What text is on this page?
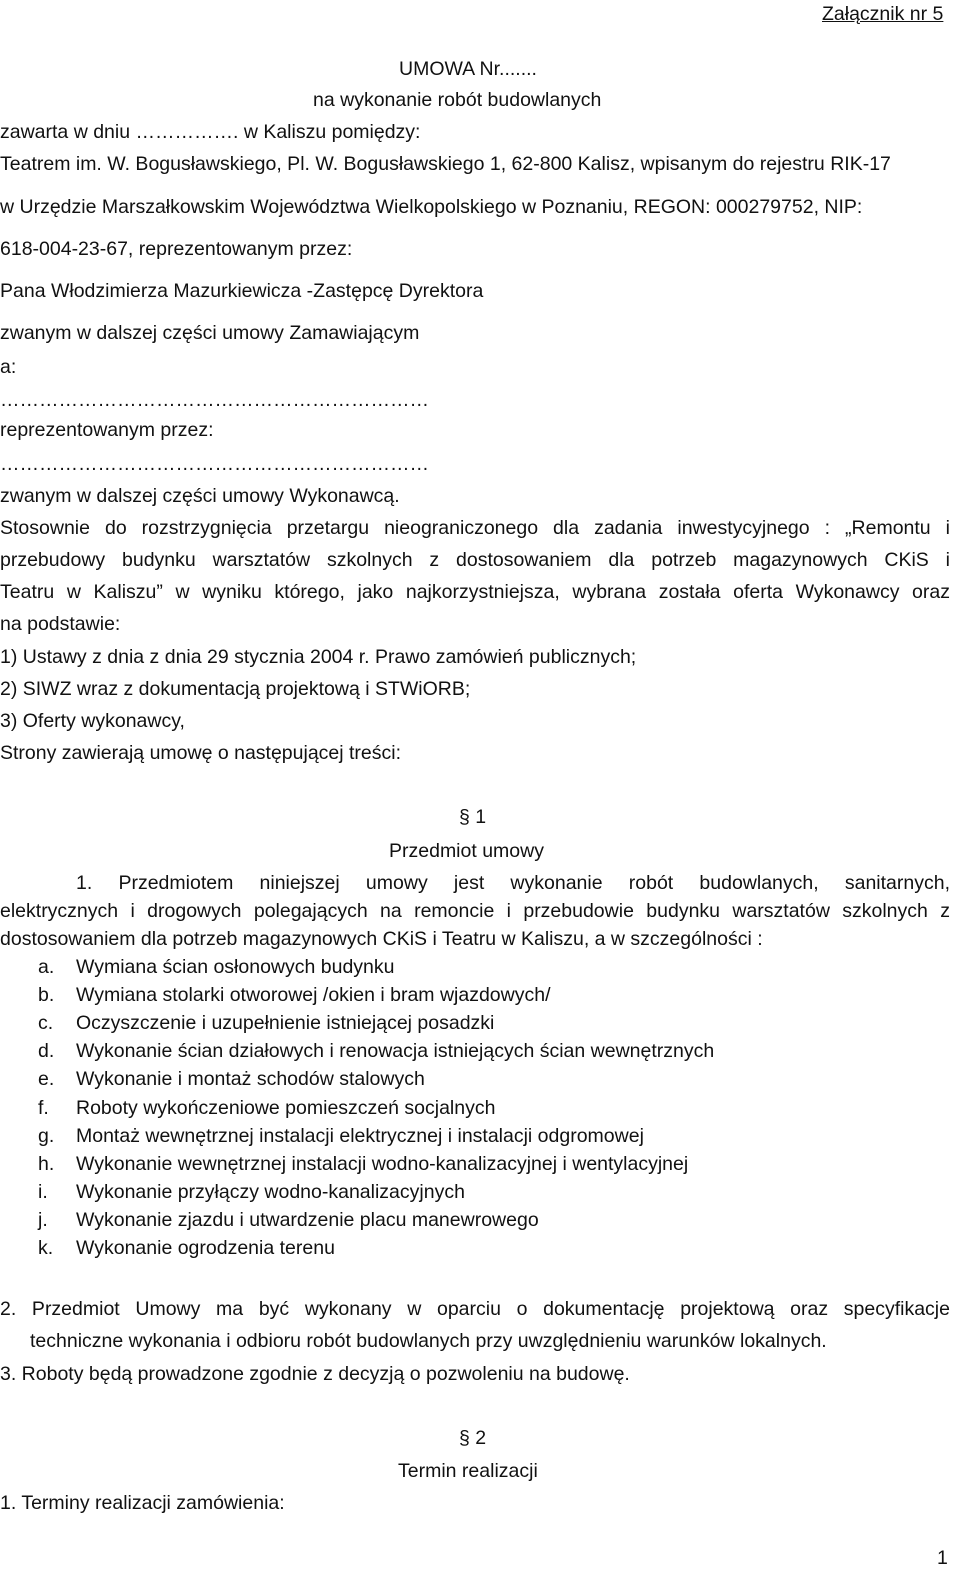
Załącznik nr 5
UMOWA Nr.......
na wykonanie robót budowlanych
zawarta w dniu ……………. w Kaliszu pomiędzy:
Teatrem im. W. Bogusławskiego, Pl. W. Bogusławskiego 1, 62-800 Kalisz, wpisanym do rejestru RIK-17
w Urzędzie Marszałkowskim Województwa Wielkopolskiego w Poznaniu, REGON: 000279752, NIP:
618-004-23-67, reprezentowanym przez:
Pana Włodzimierza Mazurkiewicza -Zastępcę Dyrektora
zwanym w dalszej części umowy Zamawiającym
a:
…………………………………………………………
reprezentowanym przez:
…………………………………………………………
zwanym w dalszej części umowy Wykonawcą.
Stosownie do rozstrzygnięcia przetargu nieograniczonego dla zadania inwestycyjnego : „Remontu i
przebudowy budynku warsztatów szkolnych z dostosowaniem dla potrzeb magazynowych CKiS i
Teatru w Kaliszu” w wyniku którego, jako najkorzystniejsza, wybrana została oferta Wykonawcy oraz
na podstawie:
1) Ustawy z dnia z dnia 29 stycznia 2004 r. Prawo zamówień publicznych;
2) SIWZ wraz z dokumentacją projektową i STWiORB;
3) Oferty wykonawcy,
Strony zawierają umowę o następującej treści:
§ 1
Przedmiot umowy
1. Przedmiotem niniejszej umowy jest wykonanie robót budowlanych, sanitarnych,
elektrycznych i drogowych polegających na remoncie i przebudowie budynku warsztatów szkolnych z
dostosowaniem dla potrzeb magazynowych CKiS i Teatru w Kaliszu, a w szczególności :
a. Wymiana ścian osłonowych budynku
b. Wymiana stolarki otworowej /okien i bram wjazdowych/
c. Oczyszczenie i uzupełnienie istniejącej posadzki
d. Wykonanie ścian działowych i renowacja istniejących ścian wewnętrznych
e. Wykonanie i montaż schodów stalowych
f. Roboty wykończeniowe pomieszczeń socjalnych
g. Montaż wewnętrznej instalacji elektrycznej i instalacji odgromowej
h. Wykonanie wewnętrznej instalacji wodno-kanalizacyjnej i wentylacyjnej
i. Wykonanie przyłączy wodno-kanalizacyjnych
j. Wykonanie zjazdu i utwardzenie placu manewrowego
k. Wykonanie ogrodzenia terenu
2. Przedmiot Umowy ma być wykonany w oparciu o dokumentację projektową oraz specyfikacje
techniczne wykonania i odbioru robót budowlanych przy uwzględnieniu warunków lokalnych.
3. Roboty będą prowadzone zgodnie z decyzją o pozwoleniu na budowę.
§ 2
Termin realizacji
1. Terminy realizacji zamówienia:
1
